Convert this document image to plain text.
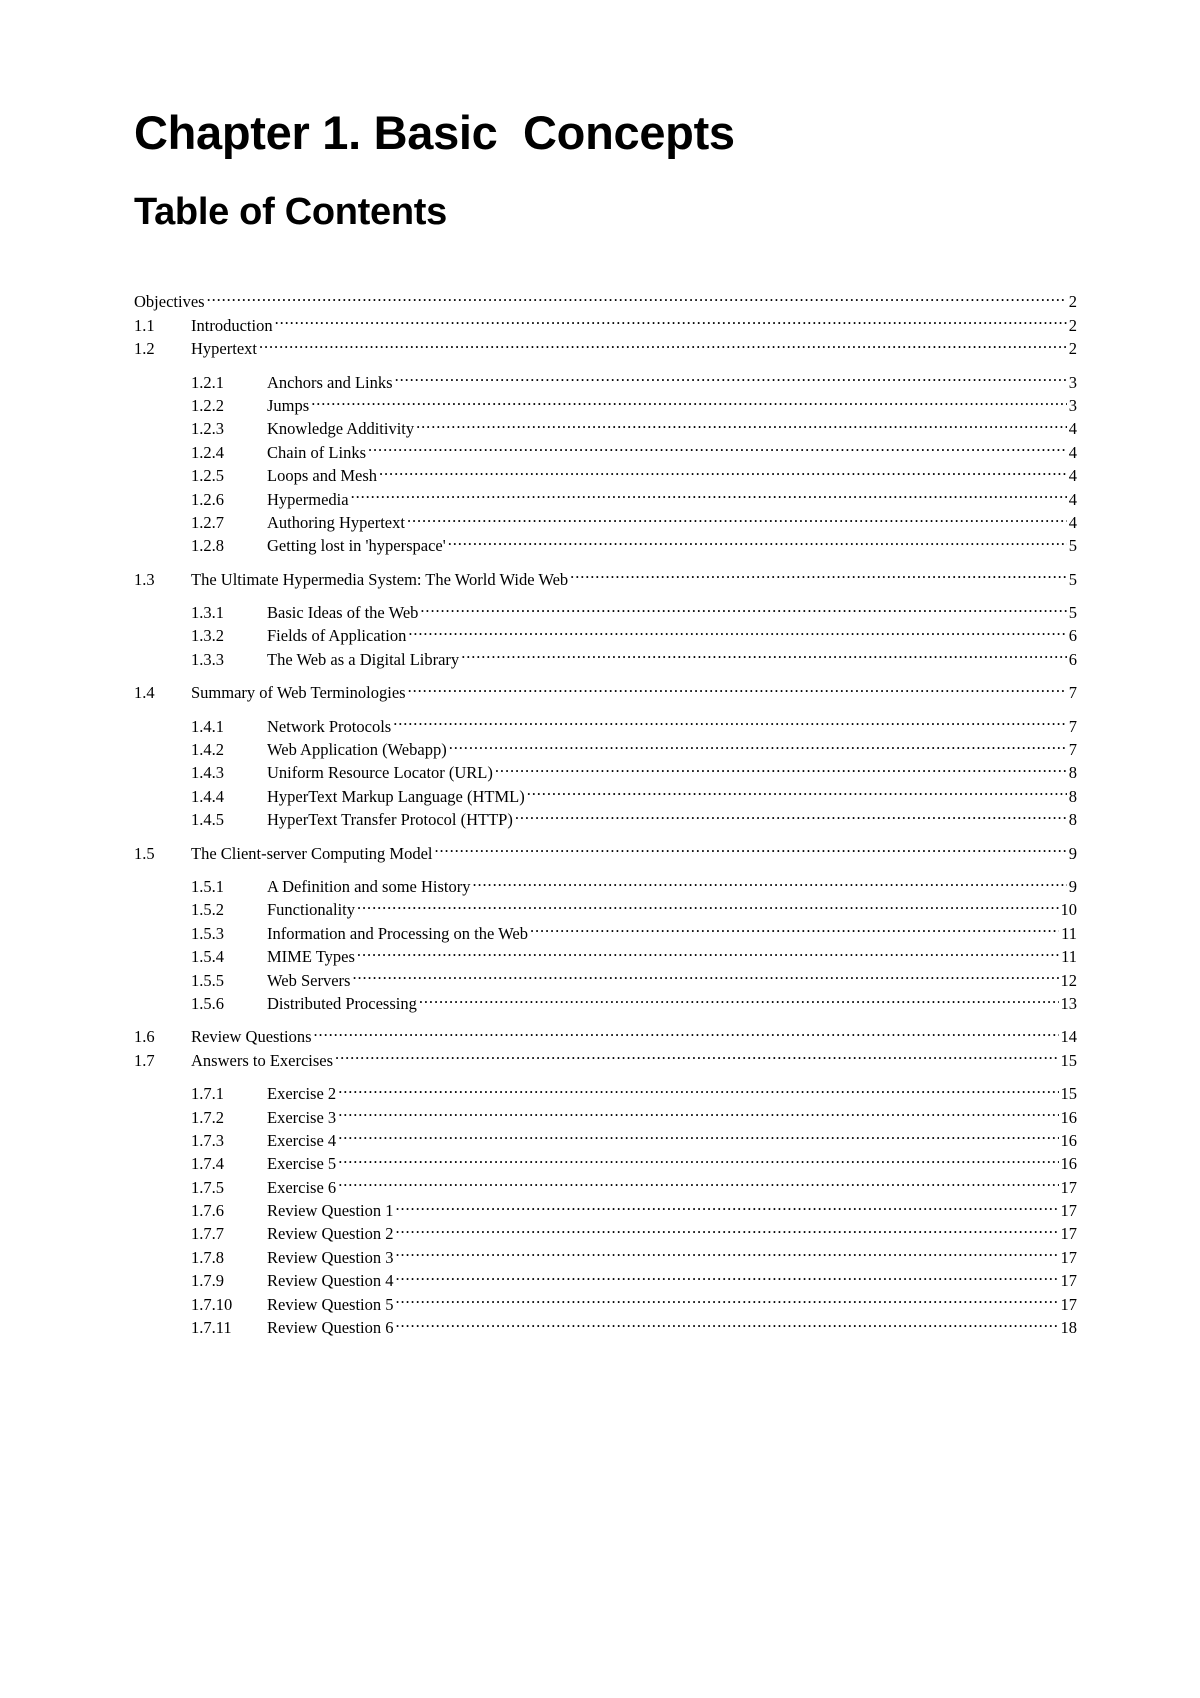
Chapter 1. Basic  Concepts
Table of Contents
Objectives .....	2
1.1	Introduction .....	2
1.2	Hypertext .....	2
1.2.1	Anchors and Links .....	3
1.2.2	Jumps .....	3
1.2.3	Knowledge Additivity .....	4
1.2.4	Chain of Links .....	4
1.2.5	Loops and Mesh .....	4
1.2.6	Hypermedia .....	4
1.2.7	Authoring Hypertext .....	4
1.2.8	Getting lost in 'hyperspace' .....	5
1.3	The Ultimate Hypermedia System: The World Wide Web .....	5
1.3.1	Basic Ideas of the Web .....	5
1.3.2	Fields of Application .....	6
1.3.3	The Web as a Digital Library .....	6
1.4	Summary of Web Terminologies .....	7
1.4.1	Network Protocols .....	7
1.4.2	Web Application (Webapp) .....	7
1.4.3	Uniform Resource Locator (URL) .....	8
1.4.4	HyperText Markup Language (HTML) .....	8
1.4.5	HyperText Transfer Protocol (HTTP) .....	8
1.5	The Client-server Computing Model .....	9
1.5.1	A Definition and some History .....	9
1.5.2	Functionality .....	10
1.5.3	Information and Processing on the Web .....	11
1.5.4	MIME Types .....	11
1.5.5	Web Servers .....	12
1.5.6	Distributed Processing .....	13
1.6	Review Questions .....	14
1.7	Answers to Exercises .....	15
1.7.1	Exercise 2 .....	15
1.7.2	Exercise 3 .....	16
1.7.3	Exercise 4 .....	16
1.7.4	Exercise 5 .....	16
1.7.5	Exercise 6 .....	17
1.7.6	Review Question 1 .....	17
1.7.7	Review Question 2 .....	17
1.7.8	Review Question 3 .....	17
1.7.9	Review Question 4 .....	17
1.7.10	Review Question 5 .....	17
1.7.11	Review Question 6 .....	18
